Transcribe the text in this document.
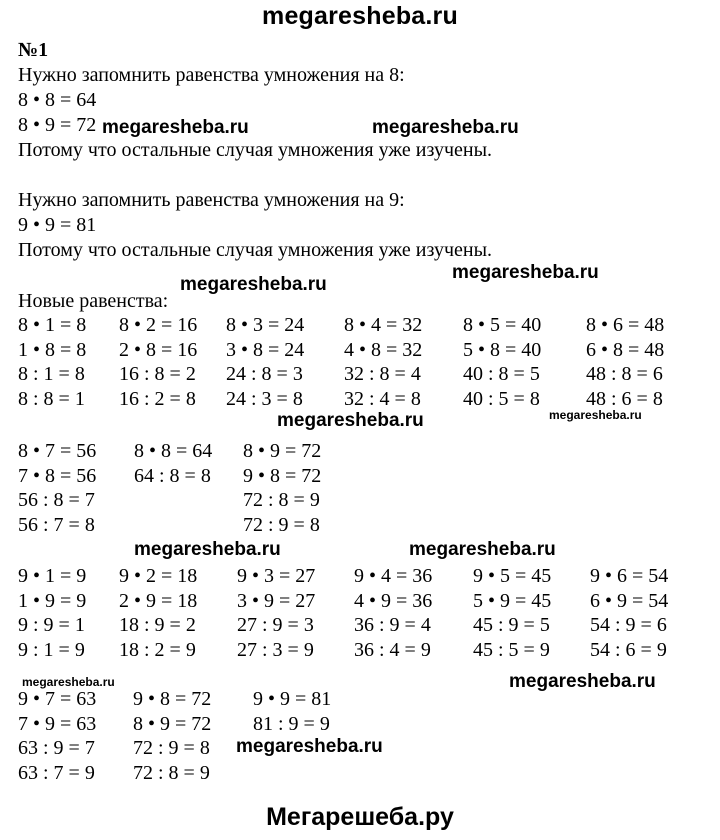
megaresheba.ru
№1
Нужно запомнить равенства умножения на 8:
8 • 8 = 64
8 • 9 = 72
Потому что остальные случая умножения уже изучены.
Нужно запомнить равенства умножения на 9:
9 • 9 = 81
Потому что остальные случая умножения уже изучены.
Новые равенства:
8 • 1 = 8 8 • 2 = 16 8 • 3 = 24 8 • 4 = 32 8 • 5 = 40 8 • 6 = 48
1 • 8 = 8 2 • 8 = 16 3 • 8 = 24 4 • 8 = 32 5 • 8 = 40 6 • 8 = 48
8 : 1 = 8 16 : 8 = 2 24 : 8 = 3 32 : 8 = 4 40 : 8 = 5 48 : 8 = 6
8 : 8 = 1 16 : 2 = 8 24 : 3 = 8 32 : 4 = 8 40 : 5 = 8 48 : 6 = 8
8 • 7 = 56 8 • 8 = 64 8 • 9 = 72
7 • 8 = 56 64 : 8 = 8 9 • 8 = 72
56 : 8 = 7	72 : 8 = 9
56 : 7 = 8	72 : 9 = 8
9 • 1 = 9 9 • 2 = 18 9 • 3 = 27 9 • 4 = 36 9 • 5 = 45 9 • 6 = 54
1 • 9 = 9 2 • 9 = 18 3 • 9 = 27 4 • 9 = 36 5 • 9 = 45 6 • 9 = 54
9 : 9 = 1 18 : 9 = 2 27 : 9 = 3 36 : 9 = 4 45 : 9 = 5 54 : 9 = 6
9 : 1 = 9 18 : 2 = 9 27 : 3 = 9 36 : 4 = 9 45 : 5 = 9 54 : 6 = 9
9 • 7 = 63 9 • 8 = 72 9 • 9 = 81
7 • 9 = 63 8 • 9 = 72 81 : 9 = 9
63 : 9 = 7 72 : 9 = 8
63 : 7 = 9 72 : 8 = 9
megaresheba.ru	megaresheba.ru
megaresheba.ru
megaresheba.ru
megaresheba.ru	megaresheba.ru
megaresheba.ru	megaresheba.ru
megaresheba.ru	megaresheba.ru
megaresheba.ru
Мегарешеба.ру
